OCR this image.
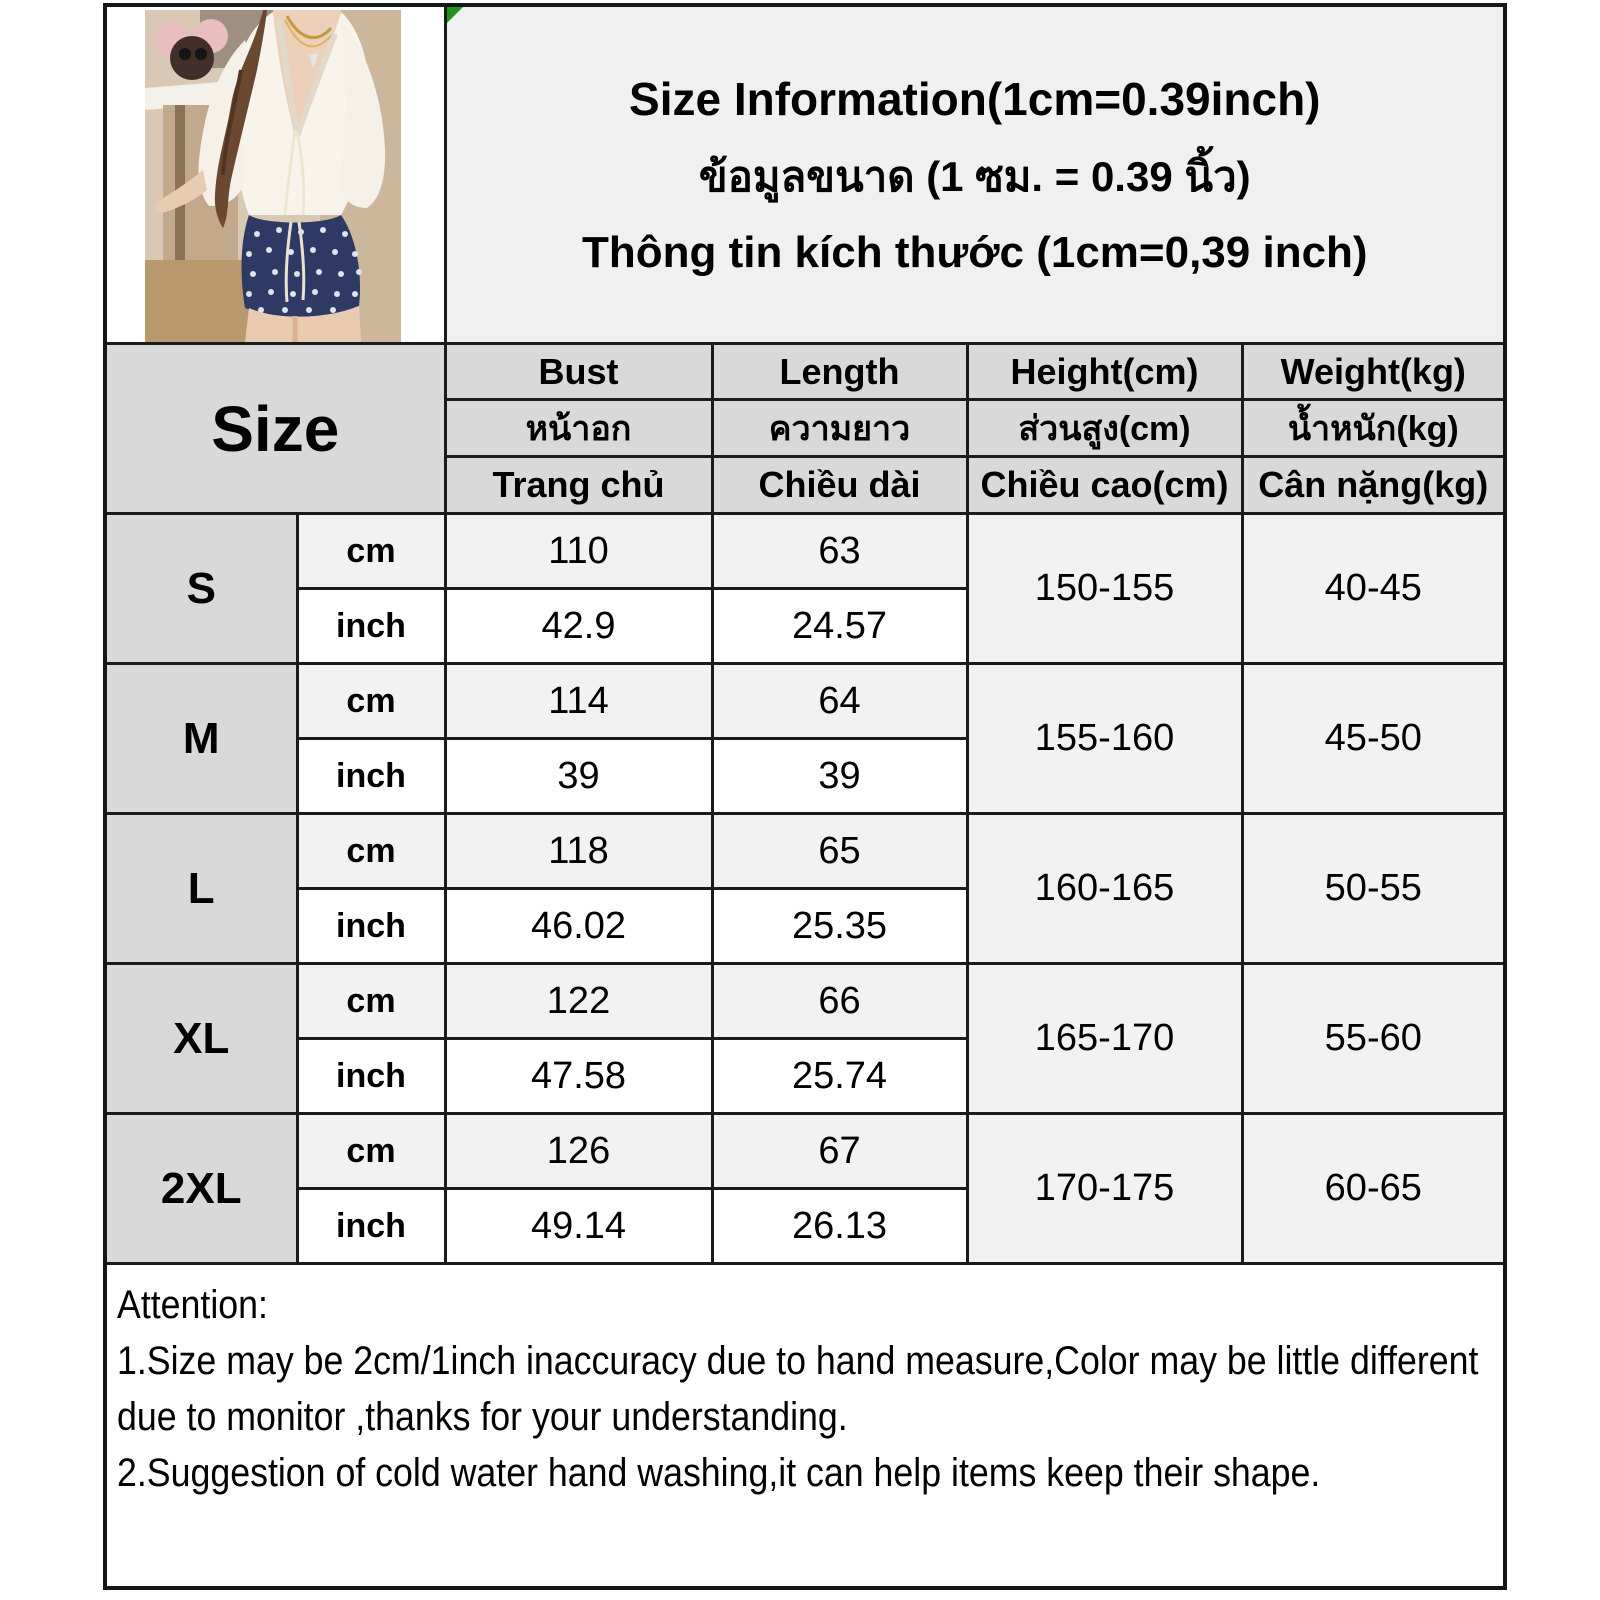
Size Information(1cm=0.39inch)
ข้อมูลขนาด (1 ซม. = 0.39 นิ้ว)
Thông tin kích thước (1cm=0,39 inch)			

Size		Bust	Length	Height(cm)	Weight(kg)
		หน้าอก	ความยาว	ส่วนสูง(cm)	น้ำหนัก(kg)
		Trang chủ	Chiều dài	Chiều cao(cm)	Cân nặng(kg)
S	cm	110	63	150-155	40-45
	inch	42.9	24.57		
M	cm	114	64	155-160	45-50
	inch	39	39		
L	cm	118	65	160-165	50-55
	inch	46.02	25.35		
XL	cm	122	66	165-170	55-60
	inch	47.58	25.74		
2XL	cm	126	67	170-175	60-65
	inch	49.14	26.13		

Attention:
1.Size may be 2cm/1inch inaccuracy due to hand measure,Color may be little different due to monitor ,thanks for your understanding.
2.Suggestion of cold water hand washing,it can help items keep their shape.					
